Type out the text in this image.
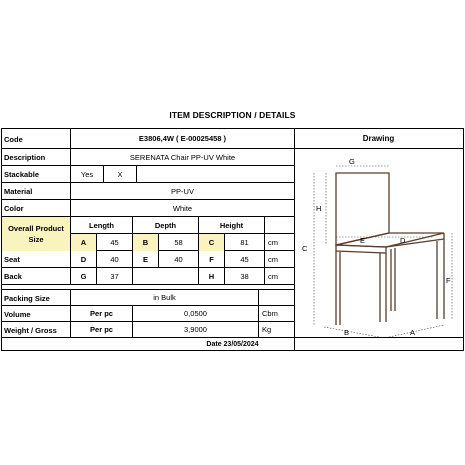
ITEM DESCRIPTION / DETAILS
Code	E3806,4W ( E-00025458 )
Description	SERENATA Chair PP-UV White
Stackable	Yes	X
Material	PP-UV
Color	White
Overall Product Size
Length	Depth	Height
A	45	B	58	C	81	cm
Seat	D	40	E	40	F	45	cm
Back	G	37	H	38	cm
Packing Size	in Bulk
Volume	Per pc	0,0500	Cbm
Weight / Gross	Per pc	3,9000	Kg
Drawing
G
H
C
E	D
F
B	A
Date 23/05/2024
